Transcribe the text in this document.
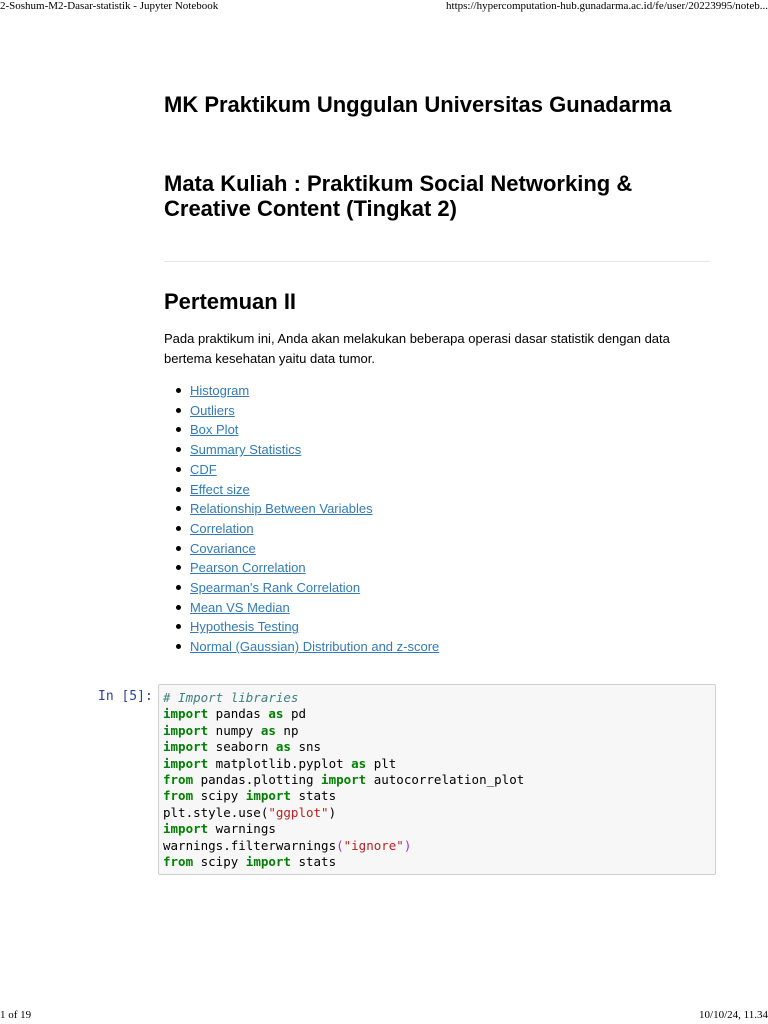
2-Soshum-M2-Dasar-statistik - Jupyter Notebook	https://hypercomputation-hub.gunadarma.ac.id/fe/user/20223995/noteb...
MK Praktikum Unggulan Universitas Gunadarma
Mata Kuliah : Praktikum Social Networking & Creative Content (Tingkat 2)
Pertemuan II
Pada praktikum ini, Anda akan melakukan beberapa operasi dasar statistik dengan data bertema kesehatan yaitu data tumor.
Histogram
Outliers
Box Plot
Summary Statistics
CDF
Effect size
Relationship Between Variables
Correlation
Covariance
Pearson Correlation
Spearman's Rank Correlation
Mean VS Median
Hypothesis Testing
Normal (Gaussian) Distribution and z-score
In [5]: # Import libraries
import pandas as pd
import numpy as np
import seaborn as sns
import matplotlib.pyplot as plt
from pandas.plotting import autocorrelation_plot
from scipy import stats
plt.style.use("ggplot")
import warnings
warnings.filterwarnings("ignore")
from scipy import stats
1 of 19	10/10/24, 11.34
